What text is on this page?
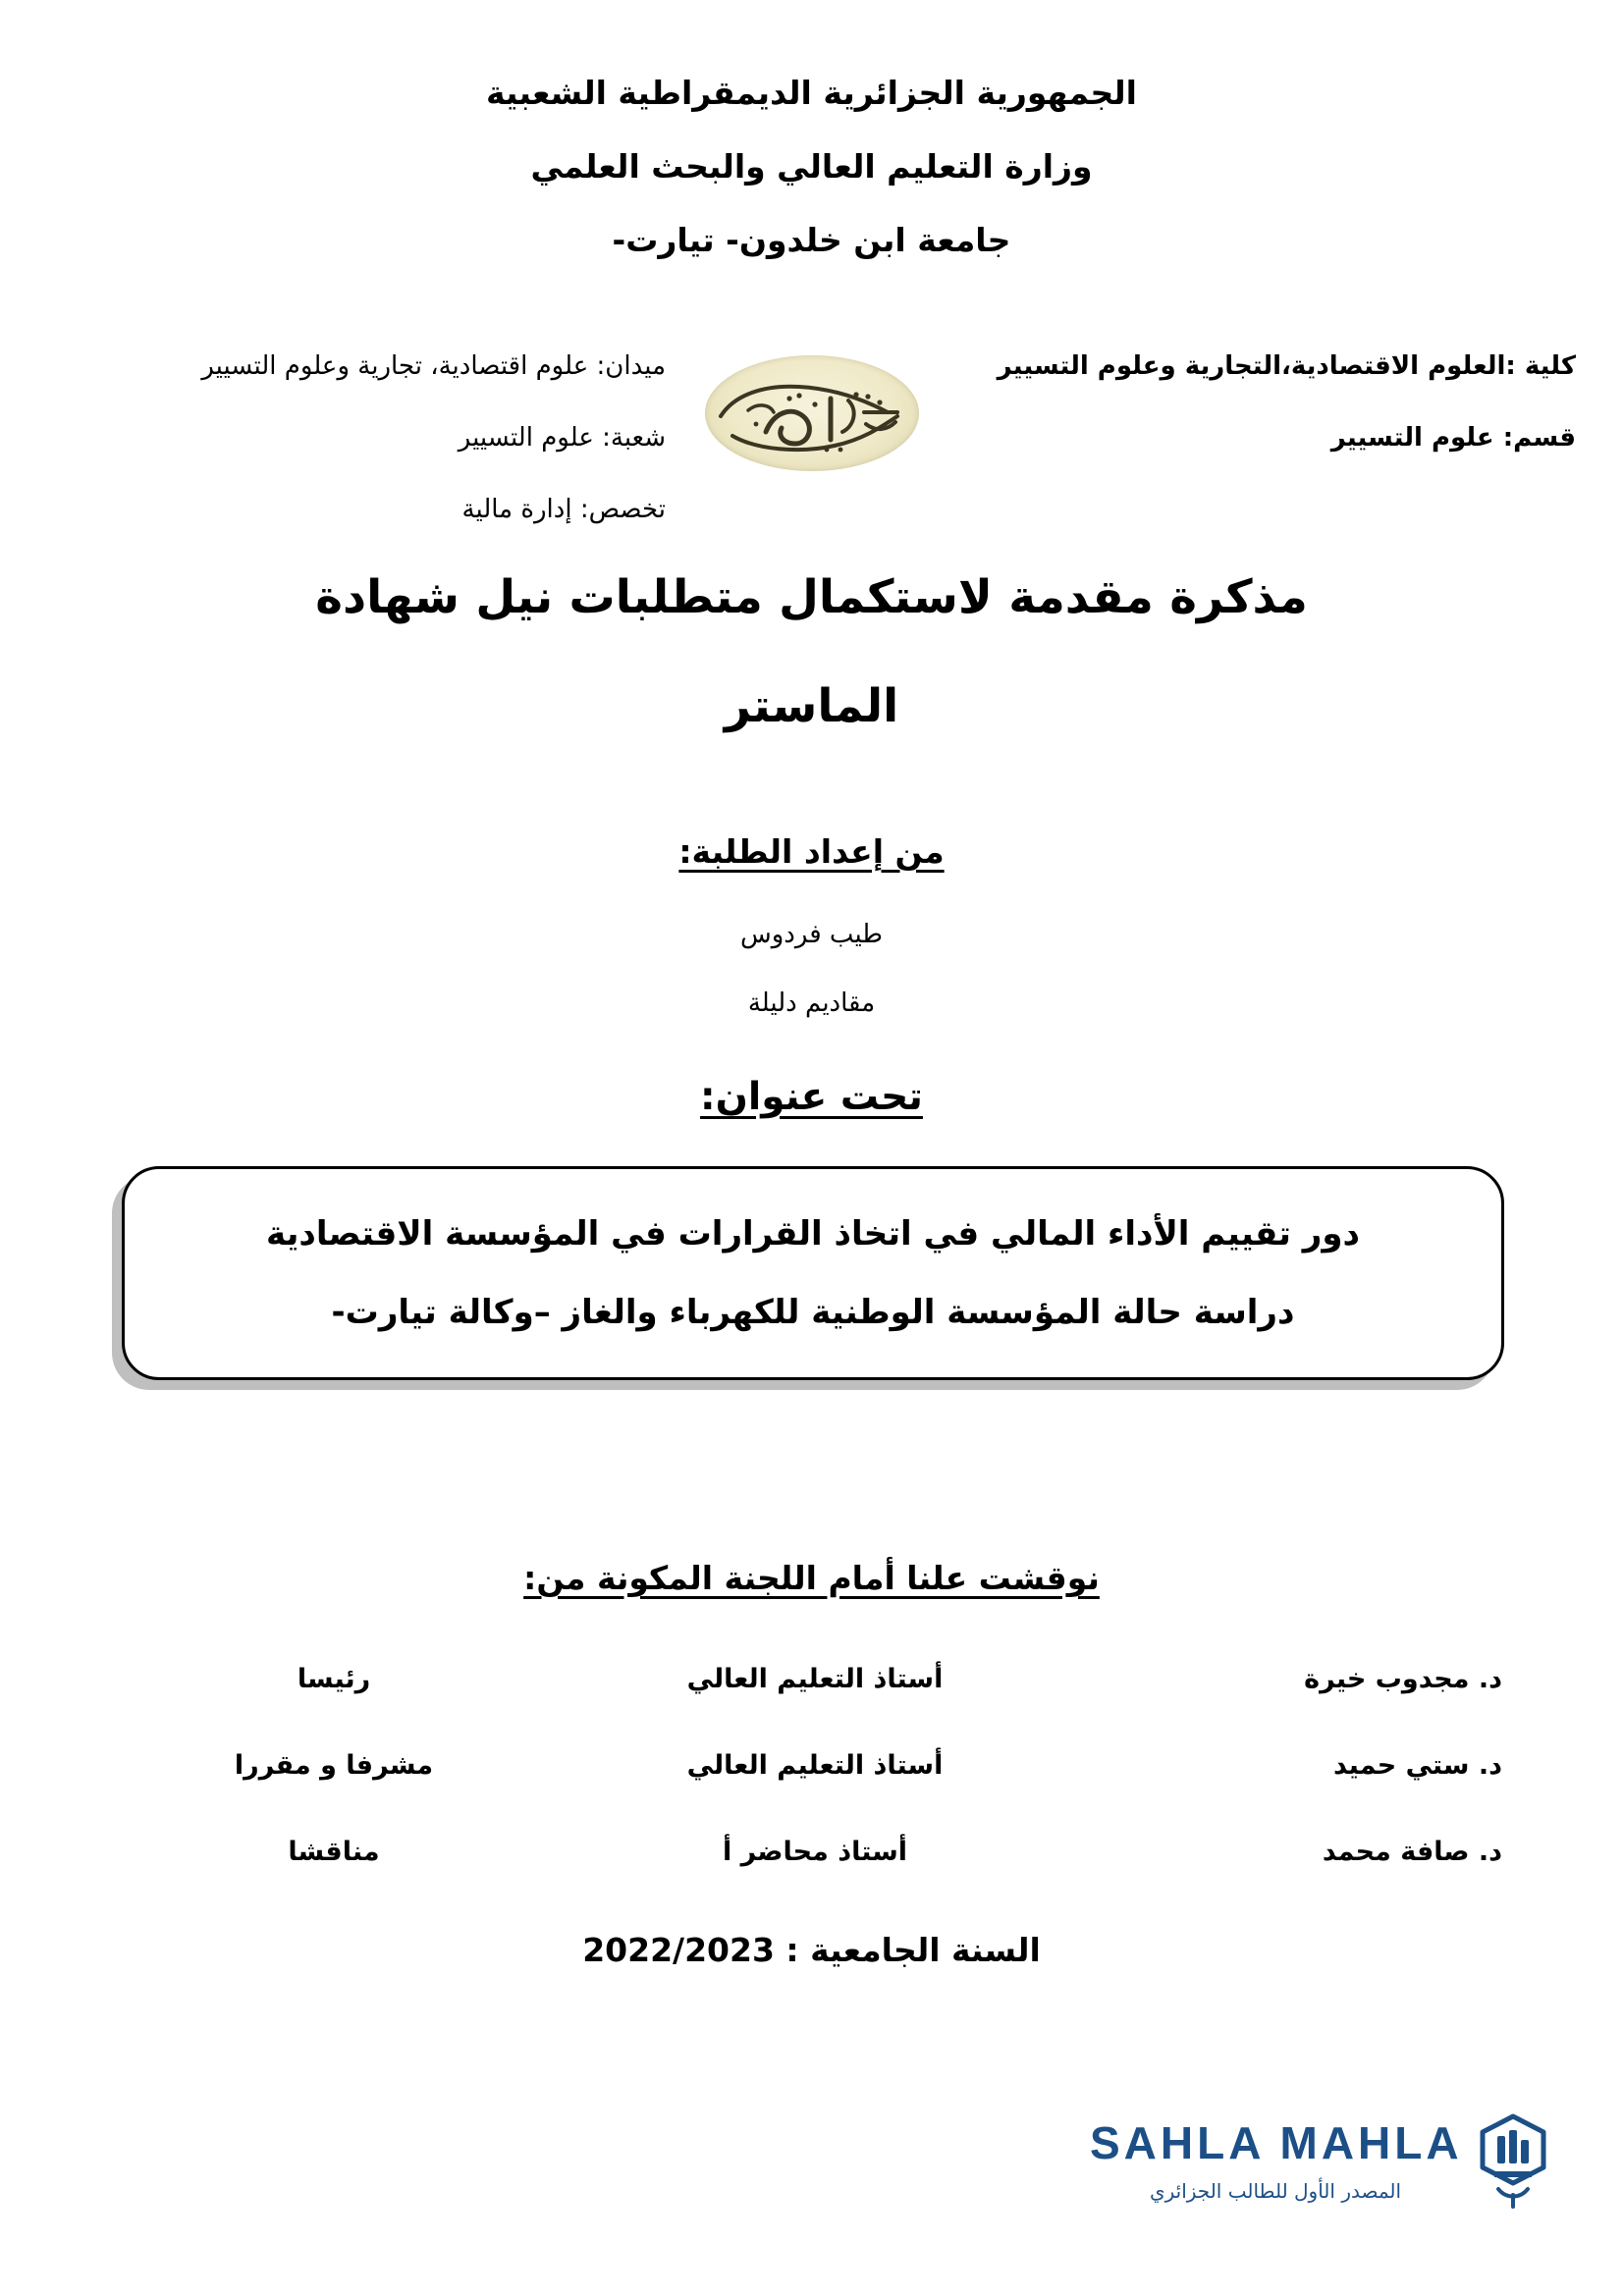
الجمهورية الجزائرية الديمقراطية الشعبية
وزارة التعليم العالي والبحث العلمي
جامعة ابن خلدون- تيارت-
كلية :العلوم الاقتصادية،التجارية وعلوم التسيير
قسم: علوم التسيير
ميدان: علوم اقتصادية، تجارية وعلوم التسيير
شعبة: علوم التسيير
تخصص: إدارة مالية
مذكرة مقدمة لاستكمال متطلبات نيل شهادة
الماستر
من إعداد الطلبة:
طيب فردوس
مقاديم دليلة
تحت عنوان:
دور تقييم الأداء المالي في اتخاذ القرارات في المؤسسة الاقتصادية
دراسة حالة المؤسسة الوطنية للكهرباء والغاز –وكالة تيارت-
نوقشت علنا أمام اللجنة المكونة من:
د. مجدوب خيرة
أستاذ التعليم العالي
رئيسا
د. ستي حميد
أستاذ التعليم العالي
مشرفا و مقررا
د. صافة محمد
أستاذ محاضر أ
مناقشا
السنة الجامعية : 2022/2023
SAHLA MAHLA
المصدر الأول للطالب الجزائري
